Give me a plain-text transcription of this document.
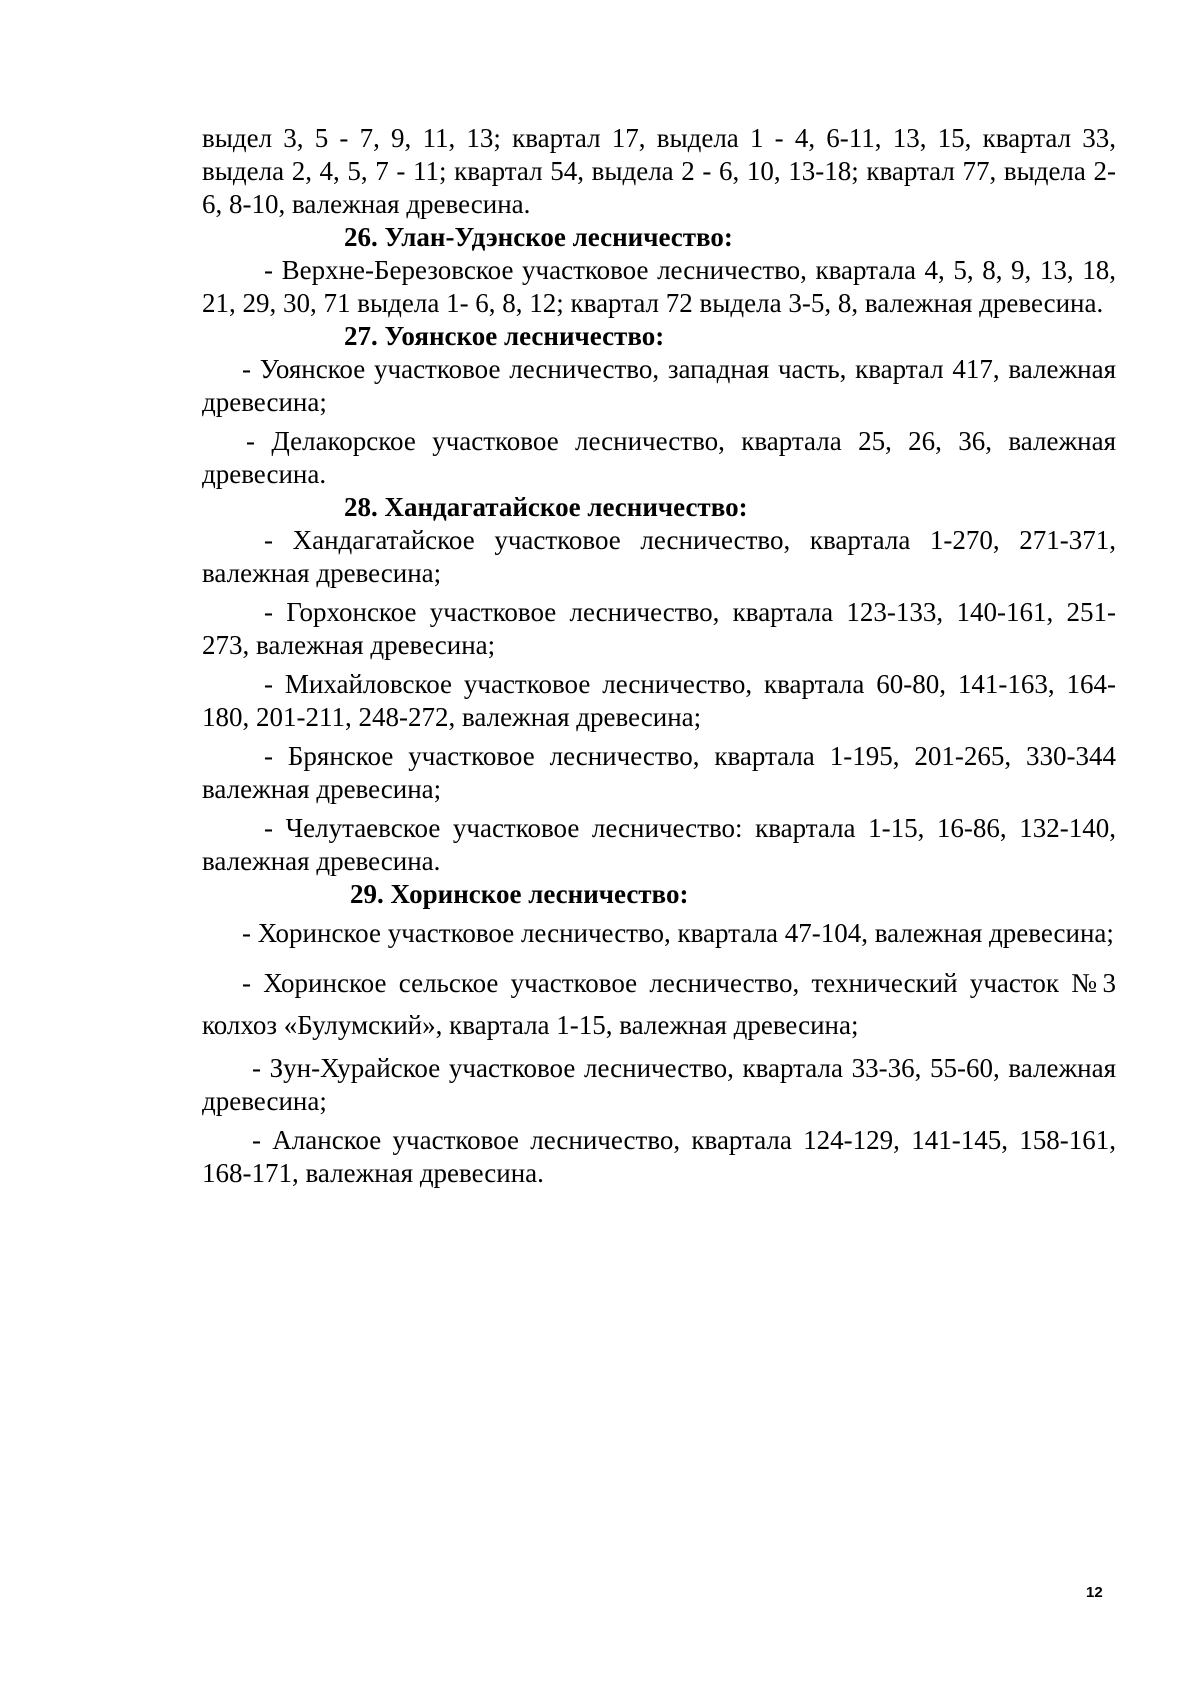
выдел 3, 5 - 7, 9, 11, 13; квартал 17, выдела 1 - 4, 6-11, 13, 15, квартал 33, выдела 2, 4, 5, 7 - 11; квартал 54, выдела 2 - 6, 10, 13-18; квартал 77, выдела 2-6, 8-10, валежная древесина.

26. Улан-Удэнское лесничество:

- Верхне-Березовское участковое лесничество, квартала 4, 5, 8, 9, 13, 18, 21, 29, 30, 71 выдела 1- 6, 8, 12; квартал 72 выдела 3-5, 8, валежная древесина.

27. Уоянское лесничество:

- Уоянское участковое лесничество, западная часть, квартал 417, валежная древесина;

- Делакорское участковое лесничество, квартала 25, 26, 36, валежная древесина.

28. Хандагатайское лесничество:

- Хандагатайское участковое лесничество, квартала 1-270, 271-371, валежная древесина;

- Горхонское участковое лесничество, квартала 123-133, 140-161, 251-273, валежная древесина;

- Михайловское участковое лесничество, квартала 60-80, 141-163, 164-180, 201-211, 248-272, валежная древесина;

- Брянское участковое лесничество, квартала 1-195, 201-265, 330-344 валежная древесина;

- Челутаевское участковое лесничество: квартала 1-15, 16-86, 132-140, валежная древесина.

29. Хоринское лесничество:

- Хоринское участковое лесничество, квартала 47-104, валежная древесина;

- Хоринское сельское участковое лесничество, технический участок №3 колхоз «Булумский», квартала 1-15, валежная древесина;

- Зун-Хурайское участковое лесничество, квартала 33-36, 55-60, валежная древесина;

- Аланское участковое лесничество, квартала 124-129, 141-145, 158-161, 168-171, валежная древесина.

12
